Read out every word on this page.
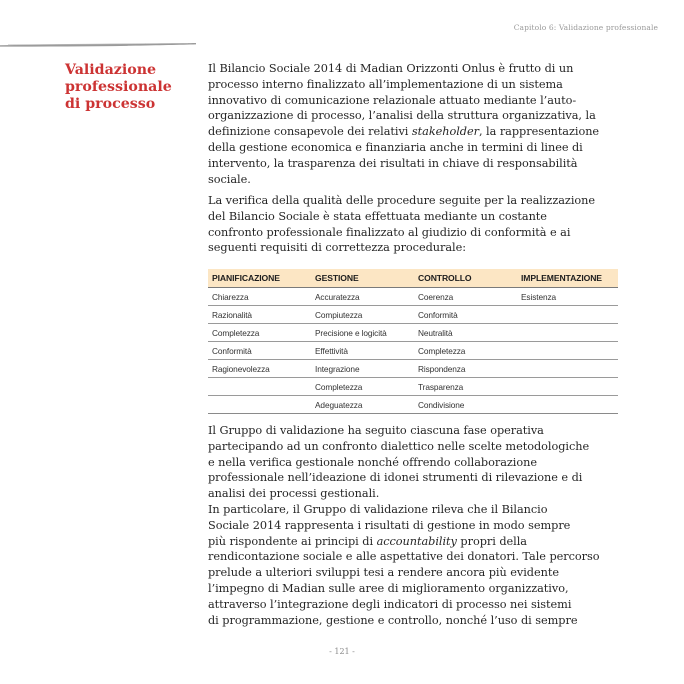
Capitolo 6: Validazione professionale
Validazione
professionale
di processo

Il Bilancio Sociale 2014 di Madian Orizzonti Onlus è frutto di un
processo interno finalizzato all’implementazione di un sistema
innovativo di comunicazione relazionale attuato mediante l’auto-
organizzazione di processo, l’analisi della struttura organizzativa, la
definizione consapevole dei relativi stakeholder, la rappresentazione
della gestione economica e finanziaria anche in termini di linee di
intervento, la trasparenza dei risultati in chiave di responsabilità
sociale.

La verifica della qualità delle procedure seguite per la realizzazione
del Bilancio Sociale è stata effettuata mediante un costante
confronto professionale finalizzato al giudizio di conformità e ai
seguenti requisiti di correttezza procedurale:

PIANIFICAZIONE	GESTIONE	CONTROLLO	IMPLEMENTAZIONE
Chiarezza	Accuratezza	Coerenza	Esistenza
Razionalità	Compiutezza	Conformità	
Completezza	Precisione e logicità	Neutralità	
Conformità	Effettività	Completezza	
Ragionevolezza	Integrazione	Rispondenza	
	Completezza	Trasparenza	
	Adeguatezza	Condivisione	

Il Gruppo di validazione ha seguito ciascuna fase operativa
partecipando ad un confronto dialettico nelle scelte metodologiche
e nella verifica gestionale nonché offrendo collaborazione
professionale nell’ideazione di idonei strumenti di rilevazione e di
analisi dei processi gestionali.
In particolare, il Gruppo di validazione rileva che il Bilancio
Sociale 2014 rappresenta i risultati di gestione in modo sempre
più rispondente ai principi di accountability propri della
rendicontazione sociale e alle aspettative dei donatori. Tale percorso
prelude a ulteriori sviluppi tesi a rendere ancora più evidente
l’impegno di Madian sulle aree di miglioramento organizzativo,
attraverso l’integrazione degli indicatori di processo nei sistemi
di programmazione, gestione e controllo, nonché l’uso di sempre

- 121 -
